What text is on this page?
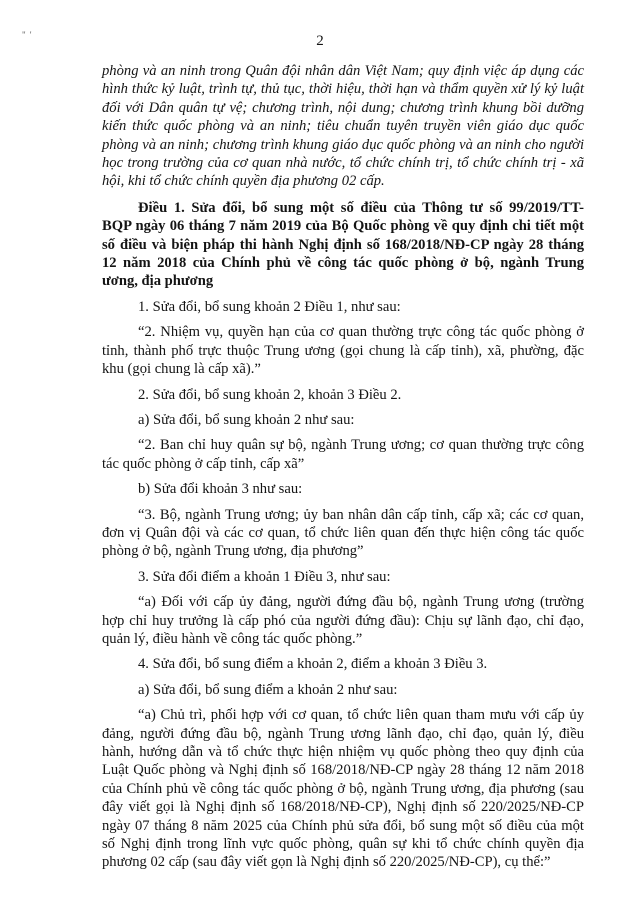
" '	2

phòng và an ninh trong Quân đội nhân dân Việt Nam; quy định việc áp dụng các
hình thức kỷ luật, trình tự, thủ tục, thời hiệu, thời hạn và thẩm quyền xử lý kỷ luật
đối với Dân quân tự vệ; chương trình, nội dung; chương trình khung bồi dưỡng
kiến thức quốc phòng và an ninh; tiêu chuẩn tuyên truyền viên giáo dục quốc
phòng và an ninh; chương trình khung giáo dục quốc phòng và an ninh cho người
học trong trường của cơ quan nhà nước, tổ chức chính trị, tổ chức chính trị - xã
hội, khi tổ chức chính quyền địa phương 02 cấp.

Điều 1. Sửa đổi, bổ sung một số điều của Thông tư số 99/2019/TT-
BQP ngày 06 tháng 7 năm 2019 của Bộ Quốc phòng về quy định chi tiết một
số điều và biện pháp thi hành Nghị định số 168/2018/NĐ-CP ngày 28 tháng
12 năm 2018 của Chính phủ về công tác quốc phòng ở bộ, ngành Trung
ương, địa phương

1. Sửa đổi, bổ sung khoản 2 Điều 1, như sau:

“2. Nhiệm vụ, quyền hạn của cơ quan thường trực công tác quốc phòng ở
tỉnh, thành phố trực thuộc Trung ương (gọi chung là cấp tỉnh), xã, phường, đặc
khu (gọi chung là cấp xã).”

2. Sửa đổi, bổ sung khoản 2, khoản 3 Điều 2.

a) Sửa đổi, bổ sung khoản 2 như sau:

“2. Ban chỉ huy quân sự bộ, ngành Trung ương; cơ quan thường trực công
tác quốc phòng ở cấp tỉnh, cấp xã”

b) Sửa đổi khoản 3 như sau:

“3. Bộ, ngành Trung ương; ủy ban nhân dân cấp tỉnh, cấp xã; các cơ quan,
đơn vị Quân đội và các cơ quan, tổ chức liên quan đến thực hiện công tác quốc
phòng ở bộ, ngành Trung ương, địa phương”

3. Sửa đổi điểm a khoản 1 Điều 3, như sau:

“a) Đối với cấp ủy đảng, người đứng đầu bộ, ngành Trung ương (trường
hợp chỉ huy trưởng là cấp phó của người đứng đầu): Chịu sự lãnh đạo, chỉ đạo,
quản lý, điều hành về công tác quốc phòng.”

4. Sửa đổi, bổ sung điểm a khoản 2, điểm a khoản 3 Điều 3.

a) Sửa đổi, bổ sung điểm a khoản 2 như sau:

“a) Chủ trì, phối hợp với cơ quan, tổ chức liên quan tham mưu với cấp ủy
đảng, người đứng đầu bộ, ngành Trung ương lãnh đạo, chỉ đạo, quản lý, điều
hành, hướng dẫn và tổ chức thực hiện nhiệm vụ quốc phòng theo quy định của
Luật Quốc phòng và Nghị định số 168/2018/NĐ-CP ngày 28 tháng 12 năm 2018
của Chính phủ về công tác quốc phòng ở bộ, ngành Trung ương, địa phương (sau
đây viết gọi là Nghị định số 168/2018/NĐ-CP), Nghị định số 220/2025/NĐ-CP
ngày 07 tháng 8 năm 2025 của Chính phủ sửa đổi, bổ sung một số điều của một
số Nghị định trong lĩnh vực quốc phòng, quân sự khi tổ chức chính quyền địa
phương 02 cấp (sau đây viết gọn là Nghị định số 220/2025/NĐ-CP), cụ thể:”
